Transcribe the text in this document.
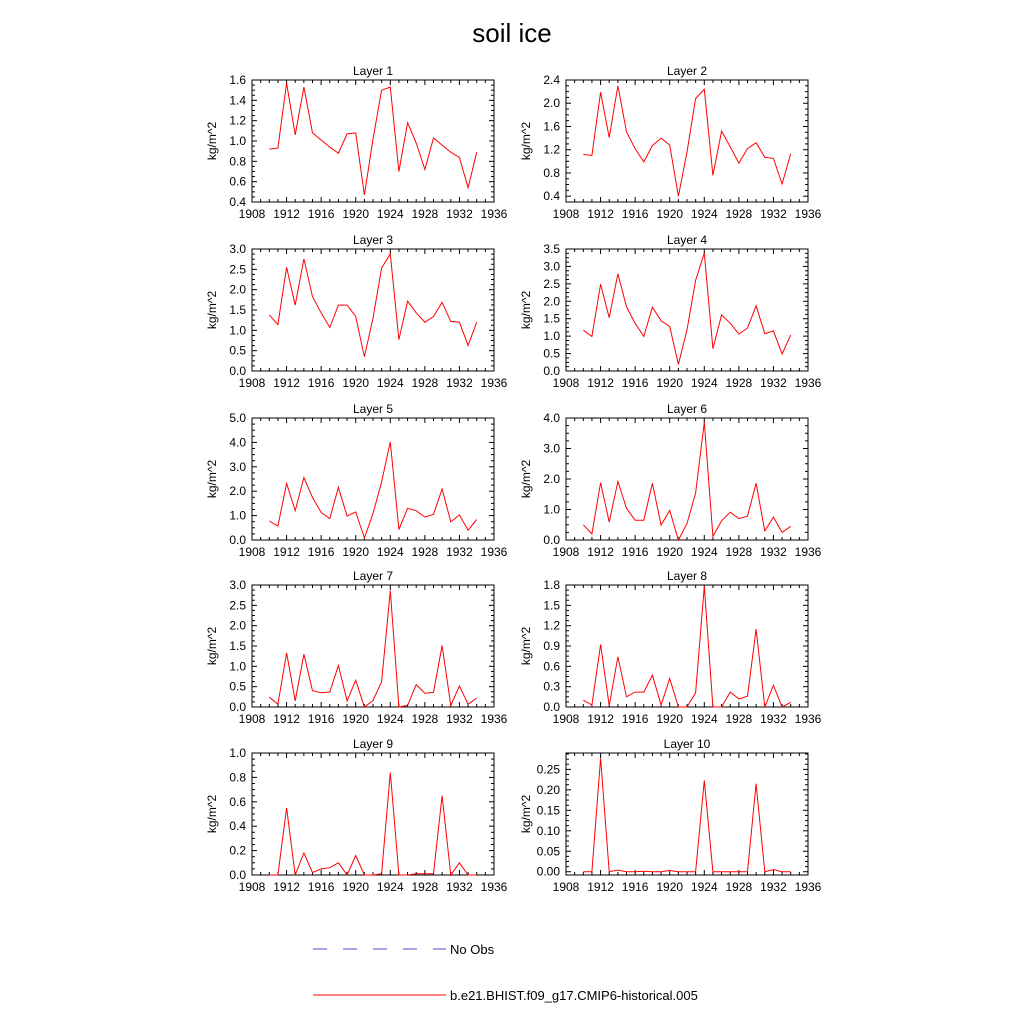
soil ice
Layer 1
1908 1912 1916 1920 1924 1928 1932 1936
0.4
0.6
0.8
1.0
1.2
1.4
1.6
kg/m^2
Layer 2
1908 1912 1916 1920 1924 1928 1932 1936
0.4
0.8
1.2
1.6
2.0
2.4
kg/m^2
Layer 3
1908 1912 1916 1920 1924 1928 1932 1936
0.0
0.5
1.0
1.5
2.0
2.5
3.0
kg/m^2
Layer 4
1908 1912 1916 1920 1924 1928 1932 1936
0.0
0.5
1.0
1.5
2.0
2.5
3.0
3.5
kg/m^2
Layer 5
1908 1912 1916 1920 1924 1928 1932 1936
0.0
1.0
2.0
3.0
4.0
5.0
kg/m^2
Layer 6
1908 1912 1916 1920 1924 1928 1932 1936
0.0
1.0
2.0
3.0
4.0
kg/m^2
Layer 7
1908 1912 1916 1920 1924 1928 1932 1936
0.0
0.5
1.0
1.5
2.0
2.5
3.0
kg/m^2
Layer 8
1908 1912 1916 1920 1924 1928 1932 1936
0.0
0.3
0.6
0.9
1.2
1.5
1.8
kg/m^2
Layer 9
1908 1912 1916 1920 1924 1928 1932 1936
0.0
0.2
0.4
0.6
0.8
1.0
kg/m^2
Layer 10
1908 1912 1916 1920 1924 1928 1932 1936
0.00
0.05
0.10
0.15
0.20
0.25
kg/m^2
No Obs
b.e21.BHIST.f09_g17.CMIP6-historical.005
